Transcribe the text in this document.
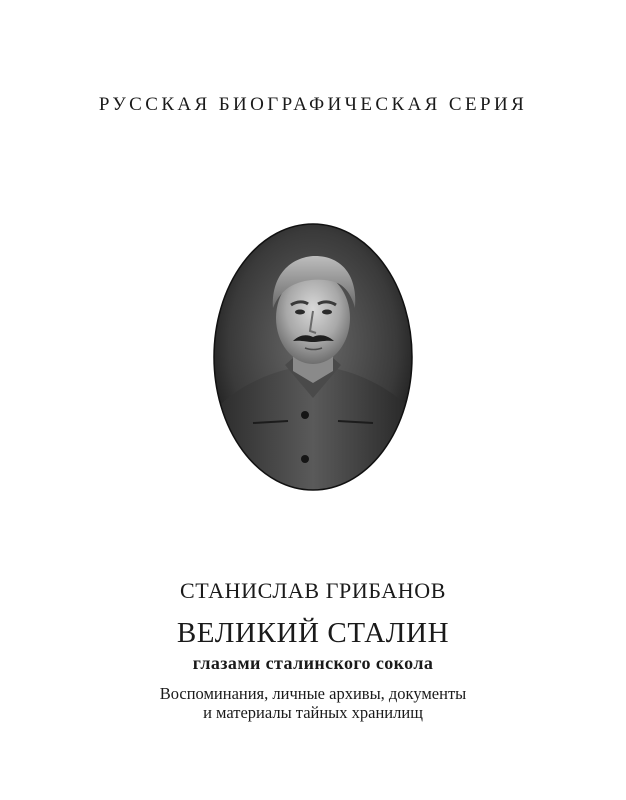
РУССКАЯ БИОГРАФИЧЕСКАЯ СЕРИЯ
СТАНИСЛАВ ГРИБАНОВ
ВЕЛИКИЙ СТАЛИН
глазами сталинского сокола
Воспоминания, личные архивы, документы
и материалы тайных хранилищ
